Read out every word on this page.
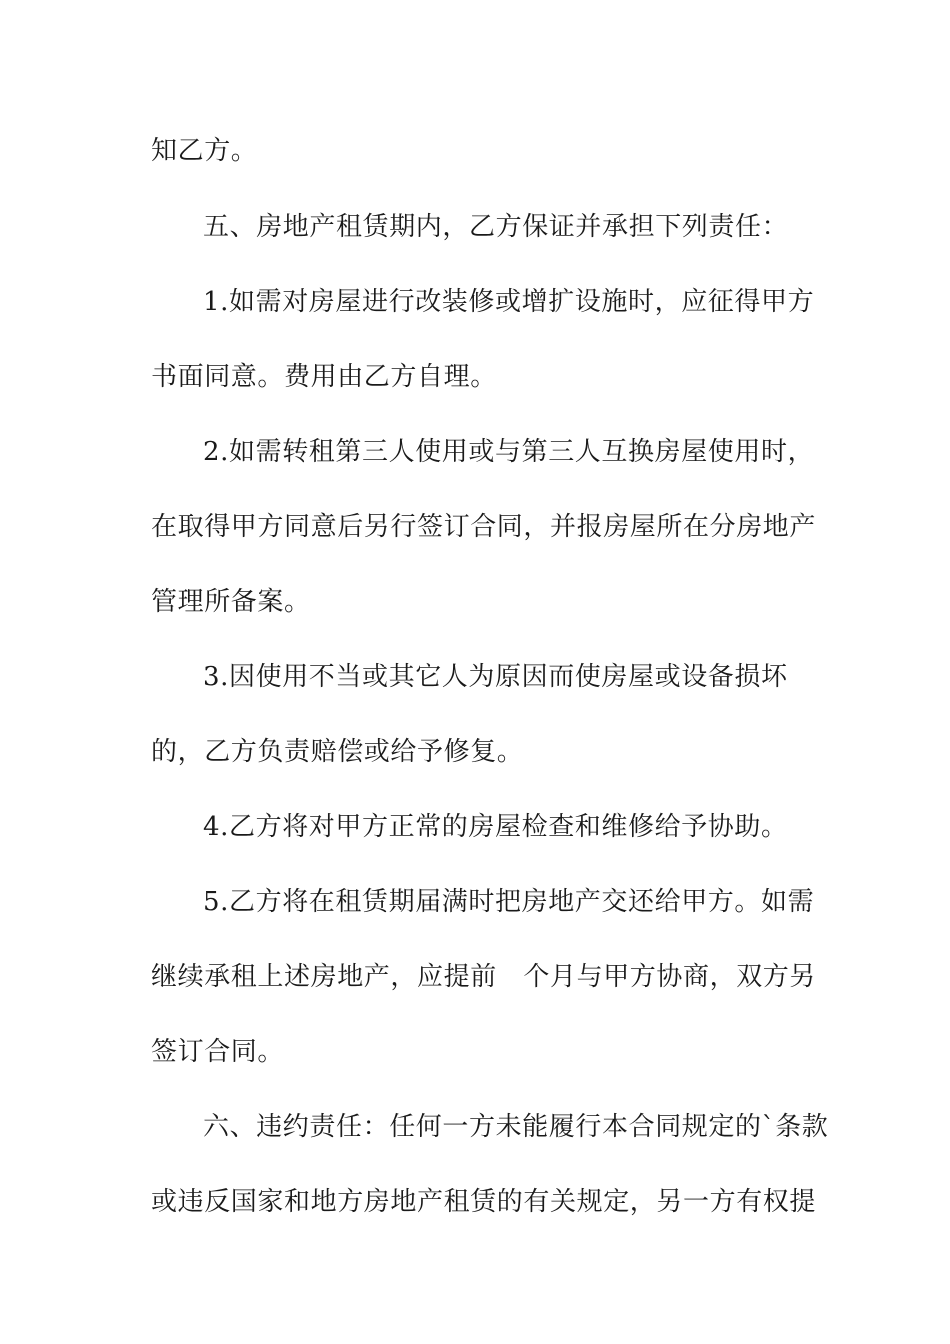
知乙方。
五、房地产租赁期内，乙方保证并承担下列责任：
1.如需对房屋进行改装修或增扩设施时，应征得甲方
书面同意。费用由乙方自理。
2.如需转租第三人使用或与第三人互换房屋使用时，
在取得甲方同意后另行签订合同，并报房屋所在分房地产
管理所备案。
3.因使用不当或其它人为原因而使房屋或设备损坏
的，乙方负责赔偿或给予修复。
4.乙方将对甲方正常的房屋检查和维修给予协助。
5.乙方将在租赁期届满时把房地产交还给甲方。如需
继续承租上述房地产，应提前   个月与甲方协商，双方另
签订合同。
六、违约责任：任何一方未能履行本合同规定的`条款
或违反国家和地方房地产租赁的有关规定，另一方有权提
